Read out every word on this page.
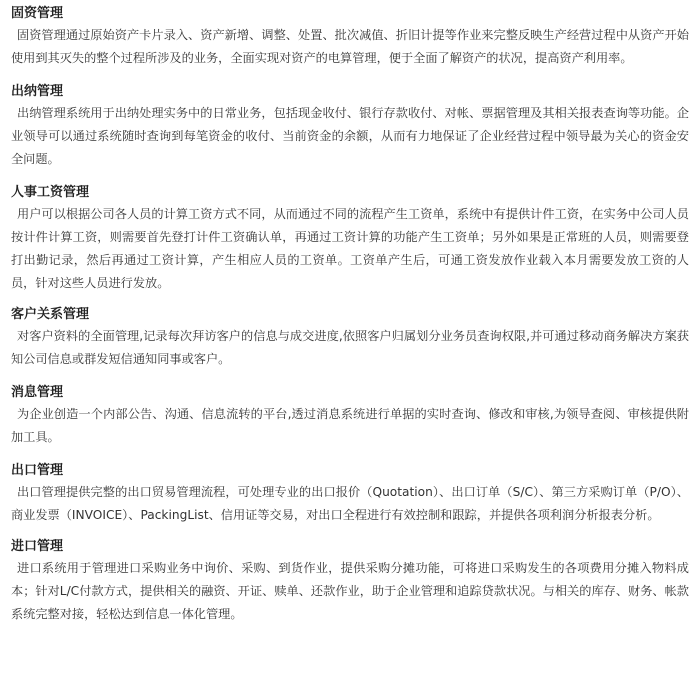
固资管理

固资管理通过原始资产卡片录入、资产新增、调整、处置、批次减值、折旧计提等作业来完整反映生产经营过程中从资产开始使用到其灭失的整个过程所涉及的业务，全面实现对资产的电算管理，便于全面了解资产的状况，提高资产利用率。

出纳管理

出纳管理系统用于出纳处理实务中的日常业务，包括现金收付、银行存款收付、对帐、票据管理及其相关报表查询等功能。企业领导可以通过系统随时查询到每笔资金的收付、当前资金的余额，从而有力地保证了企业经营过程中领导最为关心的资金安全问题。

人事工资管理

用户可以根据公司各人员的计算工资方式不同，从而通过不同的流程产生工资单，系统中有提供计件工资，在实务中公司人员按计件计算工资，则需要首先登打计件工资确认单，再通过工资计算的功能产生工资单；另外如果是正常班的人员，则需要登打出勤记录，然后再通过工资计算，产生相应人员的工资单。工资单产生后，可通工资发放作业载入本月需要发放工资的人员，针对这些人员进行发放。

客户关系管理

对客户资料的全面管理,记录每次拜访客户的信息与成交进度,依照客户归属划分业务员查询权限,并可通过移动商务解决方案获知公司信息或群发短信通知同事或客户。

消息管理

为企业创造一个内部公告、沟通、信息流转的平台,透过消息系统进行单据的实时查询、修改和审核,为领导查阅、审核提供附加工具。

出口管理

出口管理提供完整的出口贸易管理流程，可处理专业的出口报价（Quotation）、出口订单（S/C）、第三方采购订单（P/O）、商业发票（INVOICE）、PackingList、信用证等交易，对出口全程进行有效控制和跟踪，并提供各项利润分析报表分析。

进口管理

进口系统用于管理进口采购业务中询价、采购、到货作业，提供采购分摊功能，可将进口采购发生的各项费用分摊入物料成本；针对L/C付款方式，提供相关的融资、开证、赎单、还款作业，助于企业管理和追踪贷款状况。与相关的库存、财务、帐款系统完整对接，轻松达到信息一体化管理。
